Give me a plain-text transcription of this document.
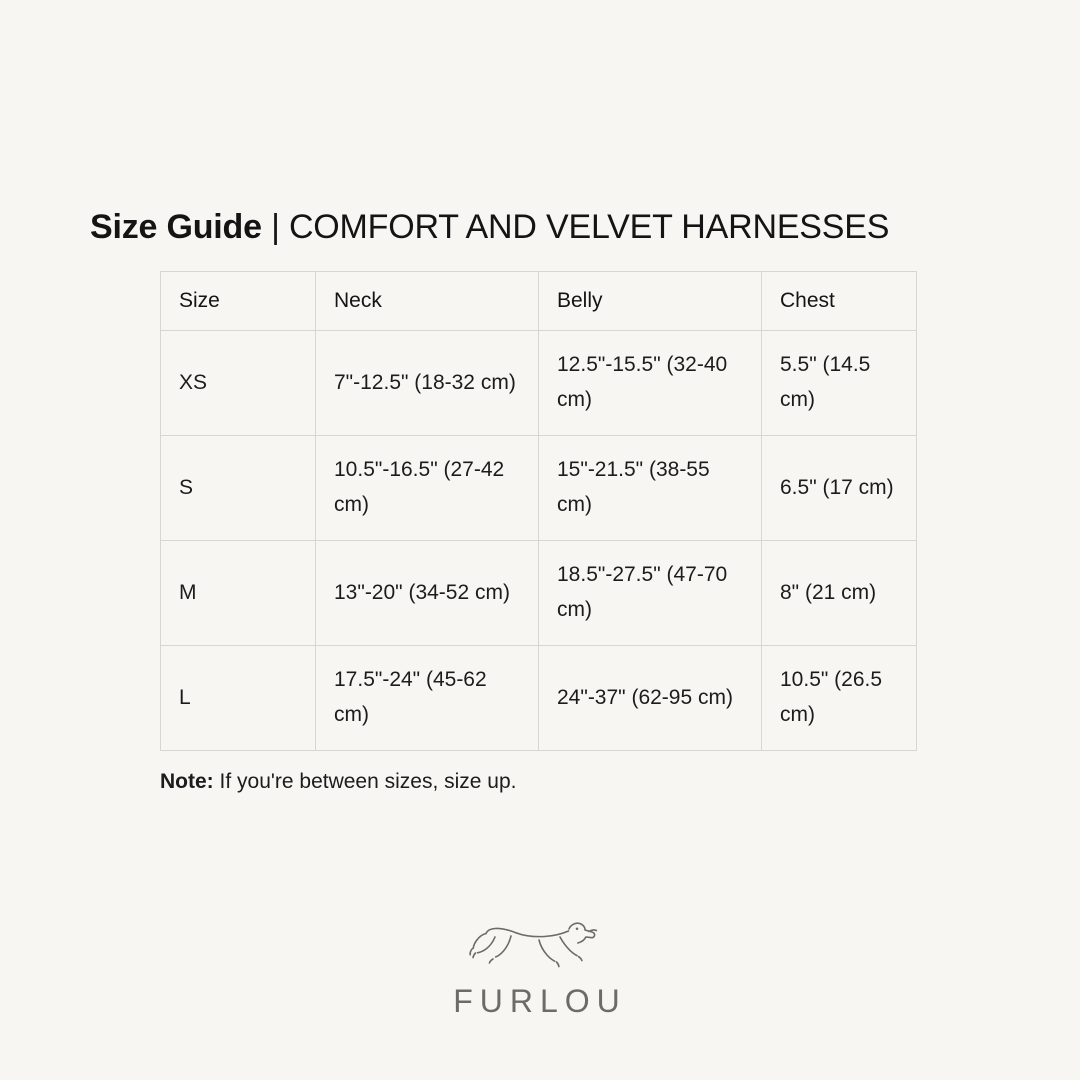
Size Guide | COMFORT AND VELVET HARNESSES
Size	Neck	Belly	Chest
XS	7"-12.5" (18-32 cm)	12.5"-15.5" (32-40 cm)	5.5" (14.5 cm)
S	10.5"-16.5" (27-42 cm)	15"-21.5" (38-55 cm)	6.5" (17 cm)
M	13"-20" (34-52 cm)	18.5"-27.5" (47-70 cm)	8" (21 cm)
L	17.5"-24" (45-62 cm)	24"-37" (62-95 cm)	10.5" (26.5 cm)
Note: If you're between sizes, size up.
FURLOU
